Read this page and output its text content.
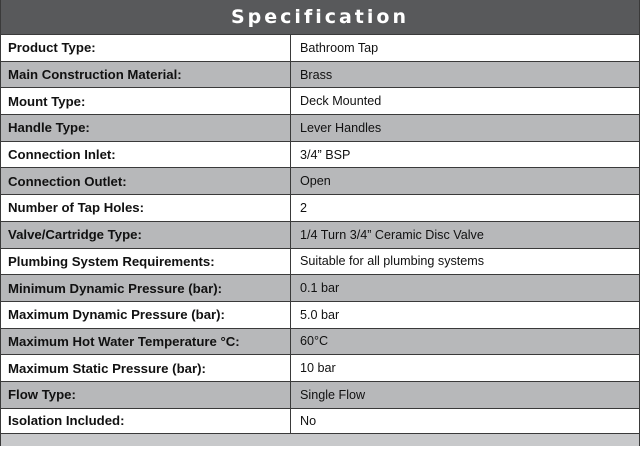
Specification
Product Type:	Bathroom Tap
Main Construction Material:	Brass
Mount Type:	Deck Mounted
Handle Type:	Lever Handles
Connection Inlet:	3/4” BSP
Connection Outlet:	Open
Number of Tap Holes:	2
Valve/Cartridge Type:	1/4 Turn 3/4” Ceramic Disc Valve
Plumbing System Requirements:	Suitable for all plumbing systems
Minimum Dynamic Pressure (bar):	0.1 bar
Maximum Dynamic Pressure (bar):	5.0 bar
Maximum Hot Water Temperature °C:	60°C
Maximum Static Pressure (bar):	10 bar
Flow Type:	Single Flow
Isolation Included:	No
